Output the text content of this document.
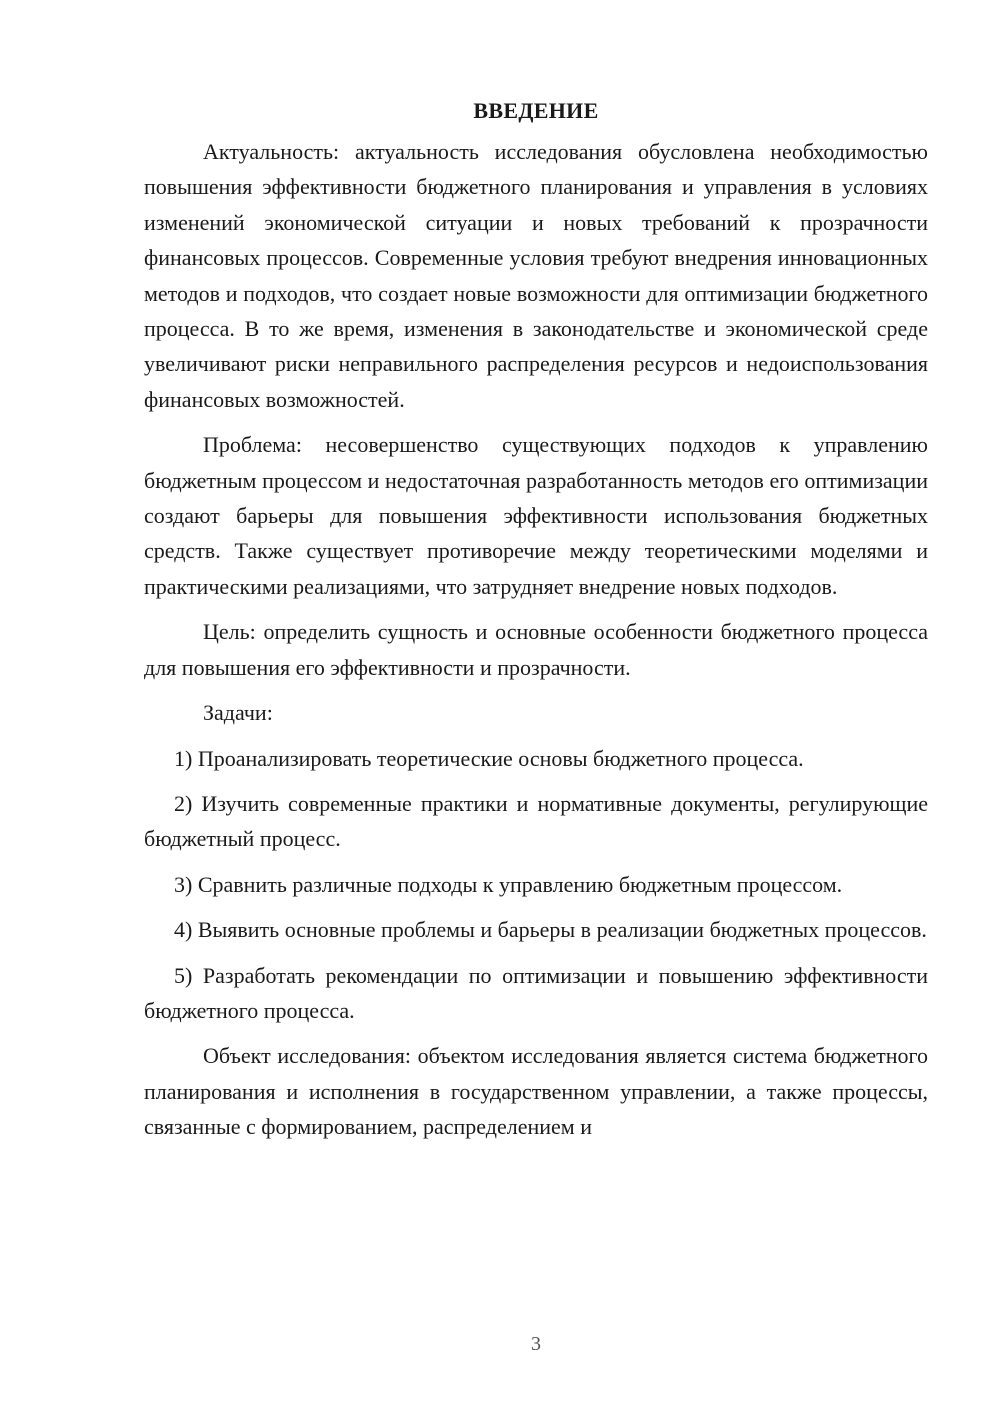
ВВЕДЕНИЕ

Актуальность: актуальность исследования обусловлена необходимостью повышения эффективности бюджетного планирования и управления в условиях изменений экономической ситуации и новых требований к прозрачности финансовых процессов. Современные условия требуют внедрения инновационных методов и подходов, что создает новые возможности для оптимизации бюджетного процесса. В то же время, изменения в законодательстве и экономической среде увеличивают риски неправильного распределения ресурсов и недоиспользования финансовых возможностей.

Проблема: несовершенство существующих подходов к управлению бюджетным процессом и недостаточная разработанность методов его оптимизации создают барьеры для повышения эффективности использования бюджетных средств. Также существует противоречие между теоретическими моделями и практическими реализациями, что затрудняет внедрение новых подходов.

Цель: определить сущность и основные особенности бюджетного процесса для повышения его эффективности и прозрачности.

Задачи:

1) Проанализировать теоретические основы бюджетного процесса.

2) Изучить современные практики и нормативные документы, регулирующие бюджетный процесс.

3) Сравнить различные подходы к управлению бюджетным процессом.

4) Выявить основные проблемы и барьеры в реализации бюджетных процессов.

5) Разработать рекомендации по оптимизации и повышению эффективности бюджетного процесса.

Объект исследования: объектом исследования является система бюджетного планирования и исполнения в государственном управлении, а также процессы, связанные с формированием, распределением и

3
